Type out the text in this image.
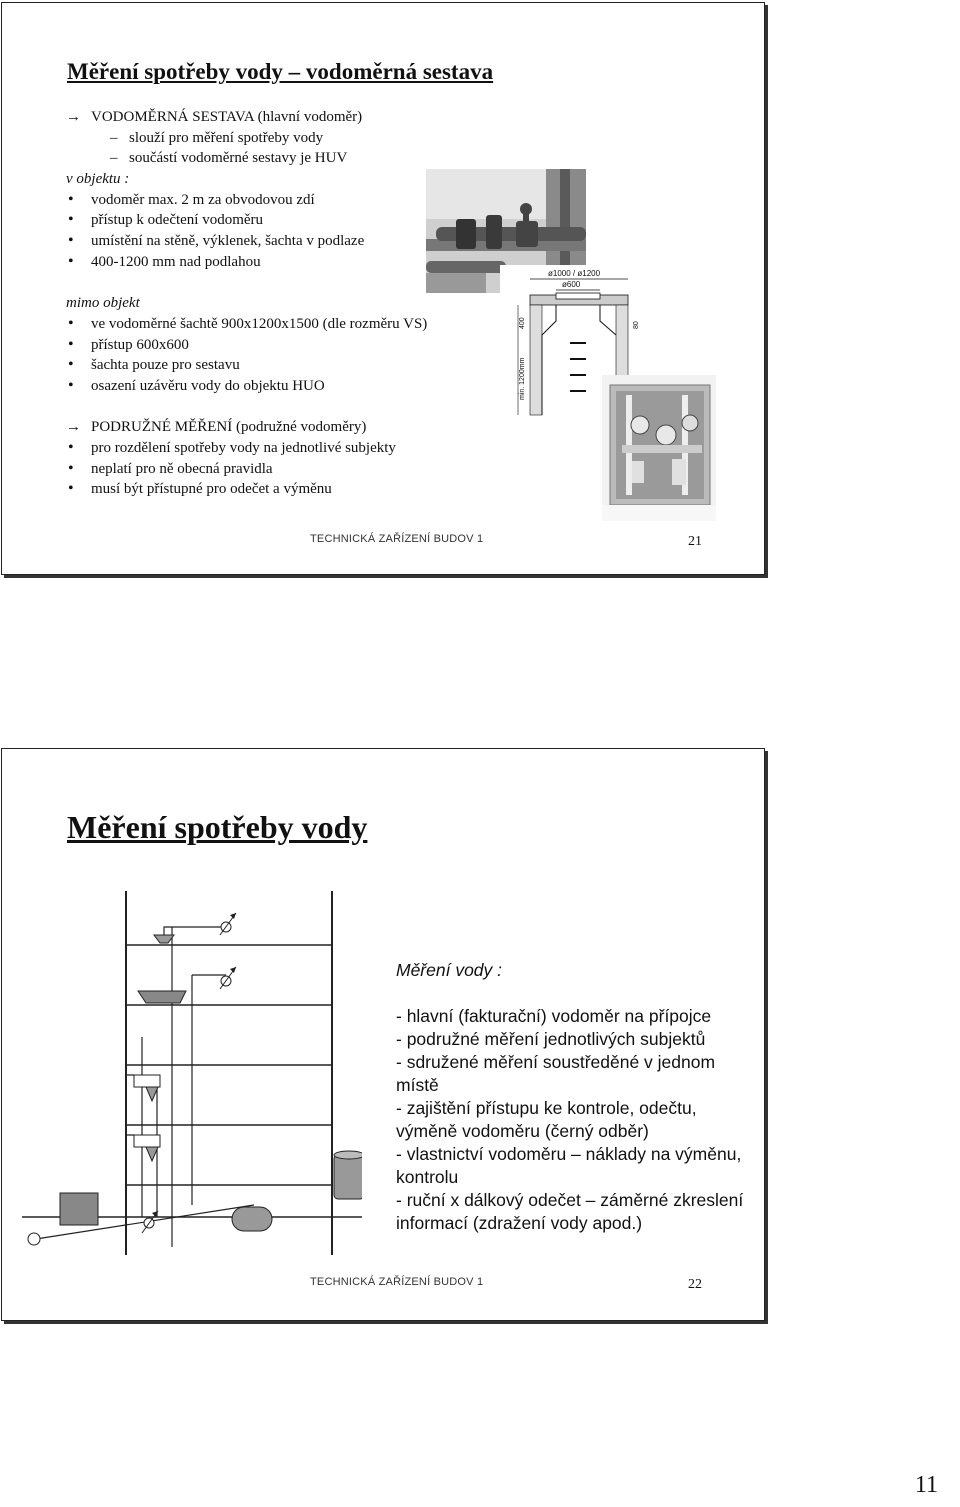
Měření spotřeby vody – vodoměrná sestava
→ VODOMĚRNÁ SESTAVA (hlavní vodoměr)
– slouží pro měření spotřeby vody
– součástí vodoměrné sestavy je HUV
v objektu :
• vodoměr max. 2 m za obvodovou zdí
• přístup k odečtení vodoměru
• umístění na stěně, výklenek, šachta v podlaze
• 400-1200 mm nad podlahou
mimo objekt
• ve vodoměrné šachtě 900x1200x1500 (dle rozměru VS)
• přístup 600x600
• šachta pouze pro sestavu
• osazení uzávěru vody do objektu HUO
→ PODRUŽNÉ MĚŘENÍ (podružné vodoměry)
• pro rozdělení spotřeby vody na jednotlivé subjekty
• neplatí pro ně obecná pravidla
• musí být přístupné pro odečet a výměnu
ø1000 / ø1200
ø600
min. 1200mm
400	80
TECHNICKÁ ZAŘÍZENÍ BUDOV 1	21
Měření spotřeby vody
Měření vody :
- hlavní (fakturační) vodoměr na přípojce
- podružné měření jednotlivých subjektů
- sdružené měření soustředěné v jednom místě
- zajištění přístupu ke kontrole, odečtu, výměně vodoměru (černý odběr)
- vlastnictví vodoměru – náklady na výměnu, kontrolu
- ruční x dálkový odečet – záměrné zkreslení informací (zdražení vody apod.)
TECHNICKÁ ZAŘÍZENÍ BUDOV 1	22
11
